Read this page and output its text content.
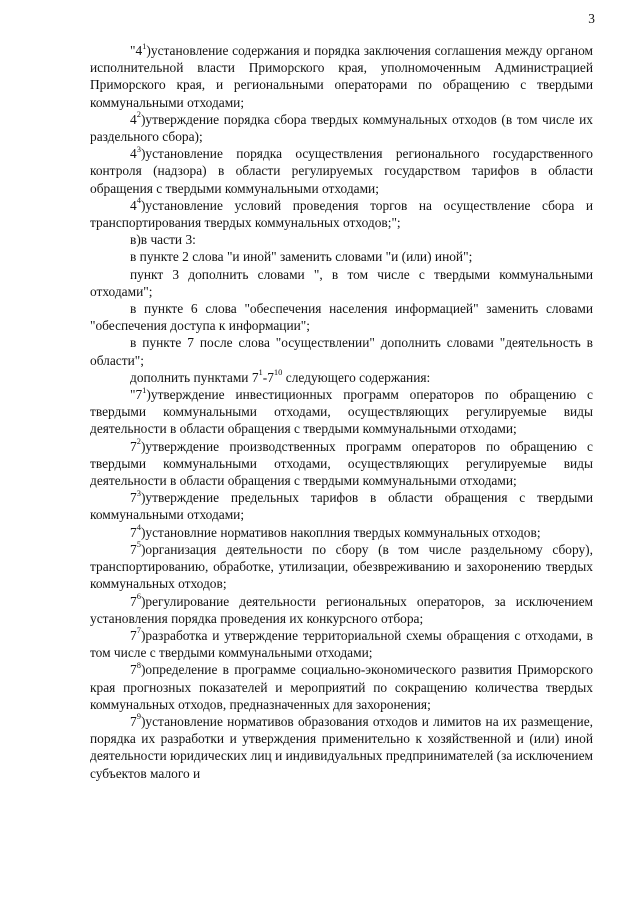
3

"$4^1)установление$ содержания и порядка заключения соглашения между органом исполнительной власти Приморского края, уполномоченным Администрацией Приморского края, и региональными операторами по обращению с твердыми коммунальными отходами;

$4^2)утверждение$ порядка сбора твердых коммунальных отходов (в том числе их раздельного сбора);

$4^3)установление$ порядка осуществления регионального государственного контроля (надзора) в области регулируемых государством тарифов в области обращения с твердыми коммунальными отходами;

$4^4)установление$ условий проведения торгов на осуществление сбора и транспортирования твердых коммунальных отходов;";

в)в части 3:

в пункте 2 слова "и иной" заменить словами "и (или) иной";

пункт 3 дополнить словами ", в том числе с твердыми коммунальными отходами";

в пункте 6 слова "обеспечения населения информацией" заменить словами "обеспечения доступа к информации";

в пункте 7 после слова "осуществлении" дополнить словами "деятельность в области";

дополнить пунктами $7^1-7^{10}$ следующего содержания:

"$7^1)утверждение$ инвестиционных программ операторов по обращению с твердыми коммунальными отходами, осуществляющих регулируемые виды деятельности в области обращения с твердыми коммунальными отходами;

$7^2)утверждение$ производственных программ операторов по обращению с твердыми коммунальными отходами, осуществляющих регулируемые виды деятельности в области обращения с твердыми коммунальными отходами;

$7^3)утверждение$ предельных тарифов в области обращения с твердыми коммунальными отходами;

$7^4)установлние$ нормативов накоплния твердых коммунальных отходов;

$7^5)организация$ деятельности по сбору (в том числе раздельному сбору), транспортированию, обработке, утилизации, обезвреживанию и захоронению твердых коммунальных отходов;

$7^6)регулирование$ деятельности региональных операторов, за исключением установления порядка проведения их конкурсного отбора;

$7^7)разработка$ и утверждение территориальной схемы обращения с отходами, в том числе с твердыми коммунальными отходами;

$7^8)определение$ в программе социально-экономического развития Приморского края прогнозных показателей и мероприятий по сокращению количества твердых коммунальных отходов, предназначенных для захоронения;

$7^9)установление$ нормативов образования отходов и лимитов на их размещение, порядка их разработки и утверждения применительно к хозяйственной и (или) иной деятельности юридических лиц и индивидуальных предпринимателей (за исключением субъектов малого и
